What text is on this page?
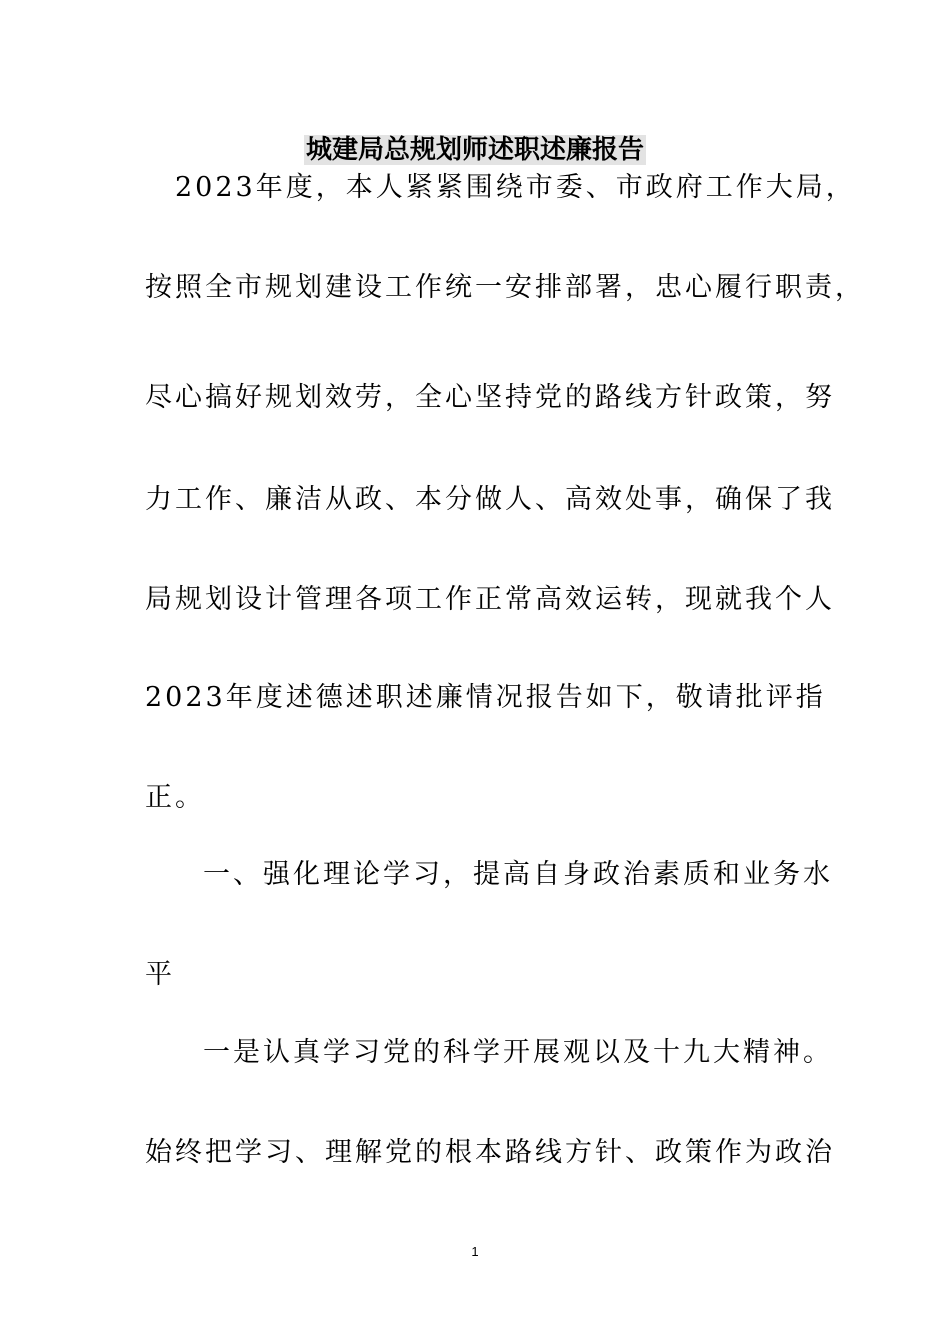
城建局总规划师述职述廉报告
2023年度，本人紧紧围绕市委、市政府工作大局，
按照全市规划建设工作统一安排部署，忠心履行职责，
尽心搞好规划效劳，全心坚持党的路线方针政策，努
力工作、廉洁从政、本分做人、高效处事，确保了我
局规划设计管理各项工作正常高效运转，现就我个人
2023年度述德述职述廉情况报告如下，敬请批评指
正。
一、强化理论学习，提高自身政治素质和业务水
平
一是认真学习党的科学开展观以及十九大精神。
始终把学习、理解党的根本路线方针、政策作为政治
1
